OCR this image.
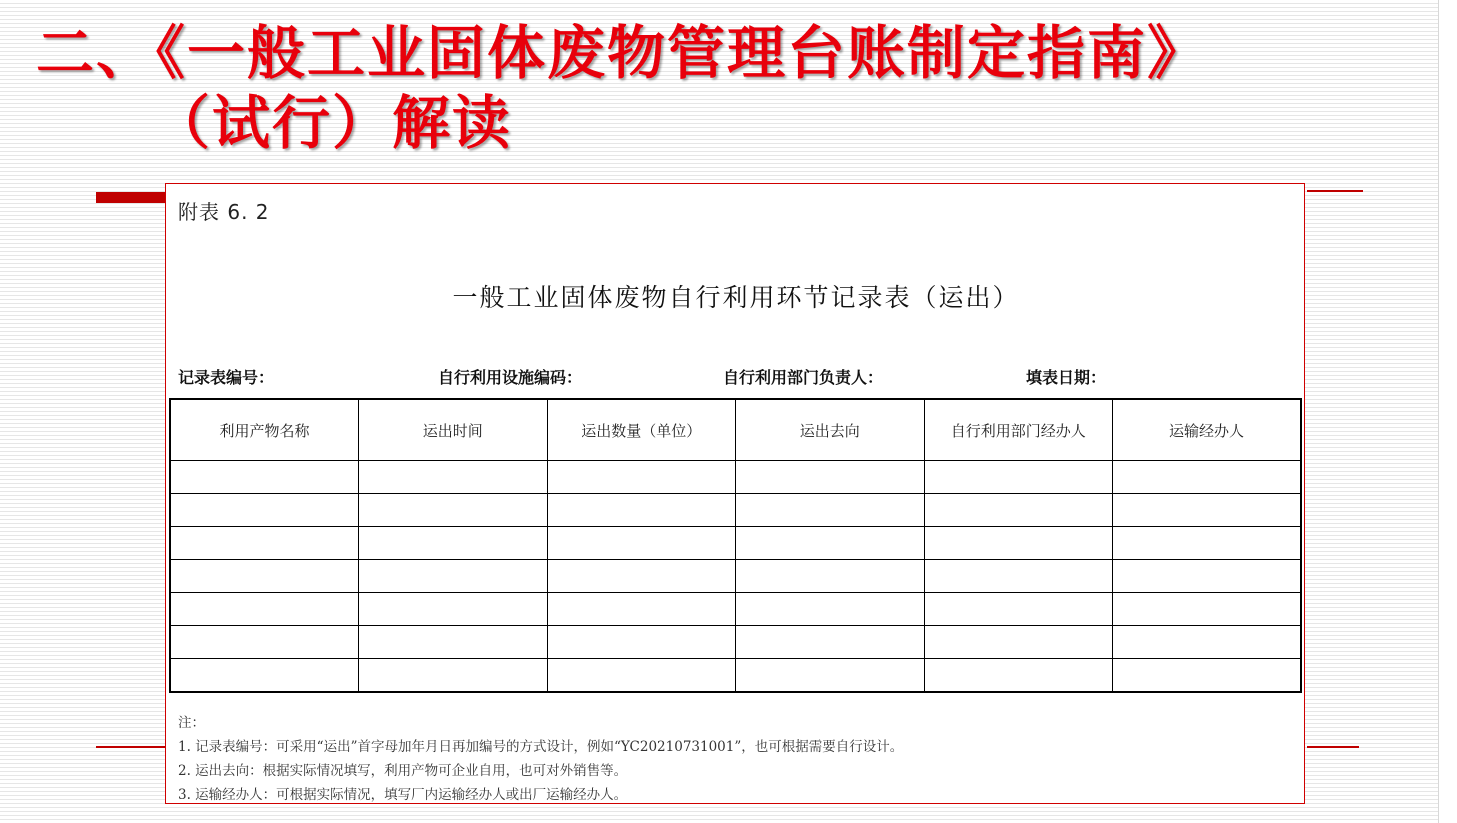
二、《一般工业固体废物管理台账制定指南》
（试行）解读
附表 6. 2
一般工业固体废物自行利用环节记录表（运出）
记录表编号：	自行利用设施编码：	自行利用部门负责人：	填表日期：
利用产物名称	运出时间	运出数量（单位）	运出去向	自行利用部门经办人	运输经办人

注：
1. 记录表编号：可采用“运出”首字母加年月日再加编号的方式设计，例如“YC20210731001”，也可根据需要自行设计。
2. 运出去向：根据实际情况填写，利用产物可企业自用，也可对外销售等。
3. 运输经办人：可根据实际情况，填写厂内运输经办人或出厂运输经办人。
